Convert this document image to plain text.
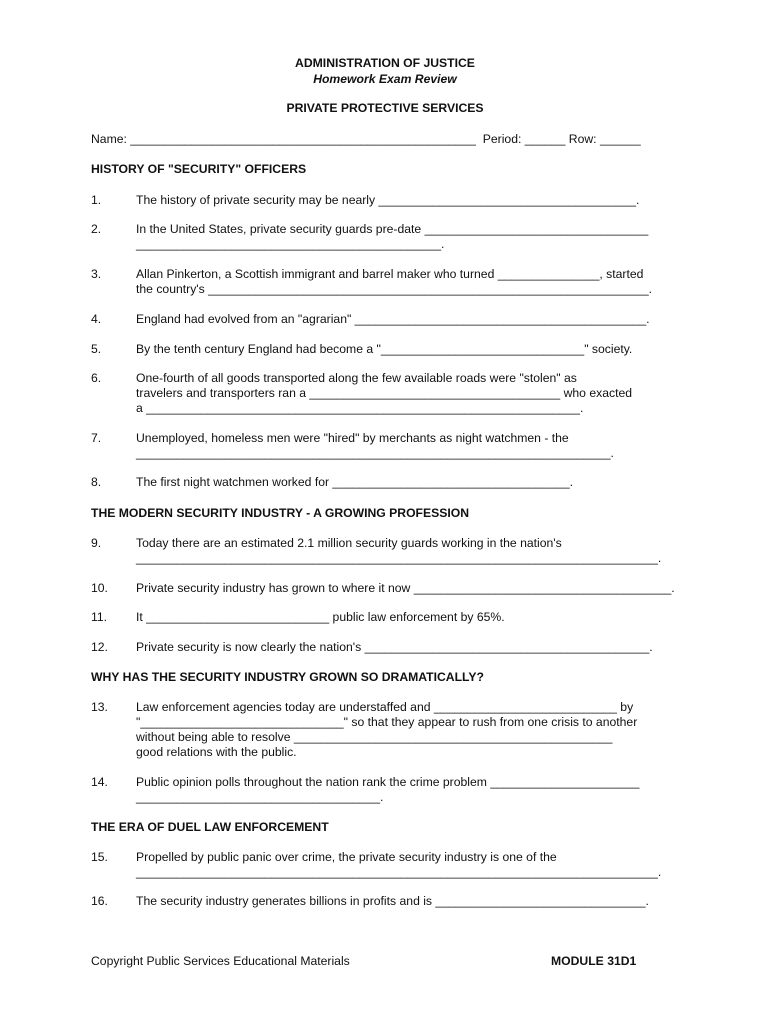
ADMINISTRATION OF JUSTICE
Homework Exam Review
PRIVATE PROTECTIVE SERVICES
Name: ___________________________________________________  Period: ______ Row: ______
HISTORY OF "SECURITY" OFFICERS
1.	The history of private security may be nearly ______________________________________.
2.	In the United States, private security guards pre-date _________________________________
_____________________________________________.
3.	Allan Pinkerton, a Scottish immigrant and barrel maker who turned _______________, started
the country's _________________________________________________________________.
4.	England had evolved from an "agrarian" ___________________________________________.
5.	By the tenth century England had become a "______________________________" society.
6.	One-fourth of all goods transported along the few available roads were "stolen" as
travelers and transporters ran a _____________________________________ who exacted
a ________________________________________________________________.
7.	Unemployed, homeless men were "hired" by merchants as night watchmen - the
______________________________________________________________________.
8.	The first night watchmen worked for ___________________________________.
THE MODERN SECURITY INDUSTRY - A GROWING PROFESSION
9.	Today there are an estimated 2.1 million security guards working in the nation's
_____________________________________________________________________________.
10. Private security industry has grown to where it now ______________________________________.
11. It ___________________________ public law enforcement by 65%.
12. Private security is now clearly the nation's __________________________________________.
WHY HAS THE SECURITY INDUSTRY GROWN SO DRAMATICALLY?
13. Law enforcement agencies today are understaffed and ___________________________ by
"______________________________" so that they appear to rush from one crisis to another
without being able to resolve _______________________________________________
good relations with the public.
14. Public opinion polls throughout the nation rank the crime problem ______________________
____________________________________.
THE ERA OF DUEL LAW ENFORCEMENT
15. Propelled by public panic over crime, the private security industry is one of the
_____________________________________________________________________________.
16. The security industry generates billions in profits and is _______________________________.
Copyright Public Services Educational Materials	MODULE 31D1
